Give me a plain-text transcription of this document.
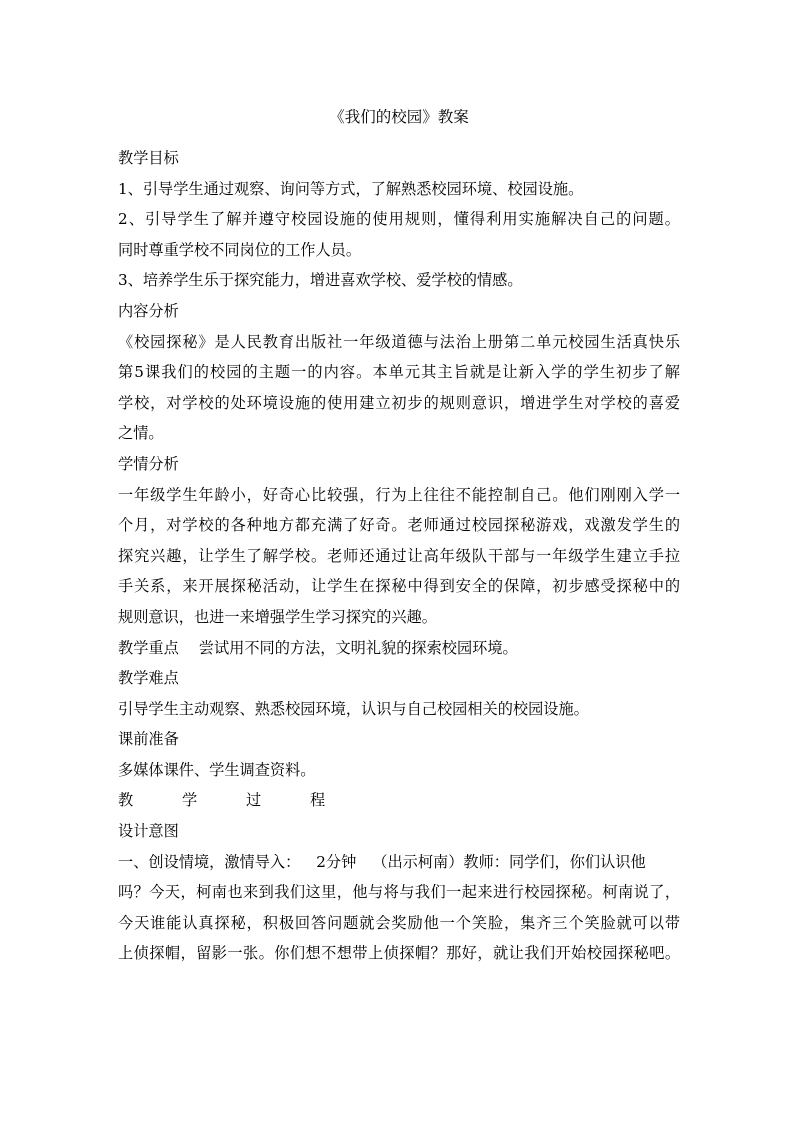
《我们的校园》教案
教学目标
1、引导学生通过观察、询问等方式，了解熟悉校园环境、校园设施。
2、引导学生了解并遵守校园设施的使用规则，懂得利用实施解决自己的问题。
同时尊重学校不同岗位的工作人员。
3、培养学生乐于探究能力，增进喜欢学校、爱学校的情感。
内容分析
《校园探秘》是人民教育出版社一年级道德与法治上册第二单元校园生活真快乐
第5课我们的校园的主题一的内容。本单元其主旨就是让新入学的学生初步了解
学校，对学校的处环境设施的使用建立初步的规则意识，增进学生对学校的喜爱
之情。
学情分析
一年级学生年龄小，好奇心比较强，行为上往往不能控制自己。他们刚刚入学一
个月，对学校的各种地方都充满了好奇。老师通过校园探秘游戏，戏激发学生的
探究兴趣，让学生了解学校。老师还通过让高年级队干部与一年级学生建立手拉
手关系，来开展探秘活动，让学生在探秘中得到安全的保障，初步感受探秘中的
规则意识，也进一来增强学生学习探究的兴趣。
教学重点 尝试用不同的方法，文明礼貌的探索校园环境。
教学难点
引导学生主动观察、熟悉校园环境，认识与自己校园相关的校园设施。
课前准备
多媒体课件、学生调查资料。
教	学	过	程
设计意图
一、创设情境，激情导入： 2分钟 （出示柯南）教师：同学们，你们认识他
吗？今天，柯南也来到我们这里，他与将与我们一起来进行校园探秘。柯南说了，
今天谁能认真探秘，积极回答问题就会奖励他一个笑脸，集齐三个笑脸就可以带
上侦探帽，留影一张。你们想不想带上侦探帽？那好，就让我们开始校园探秘吧。
